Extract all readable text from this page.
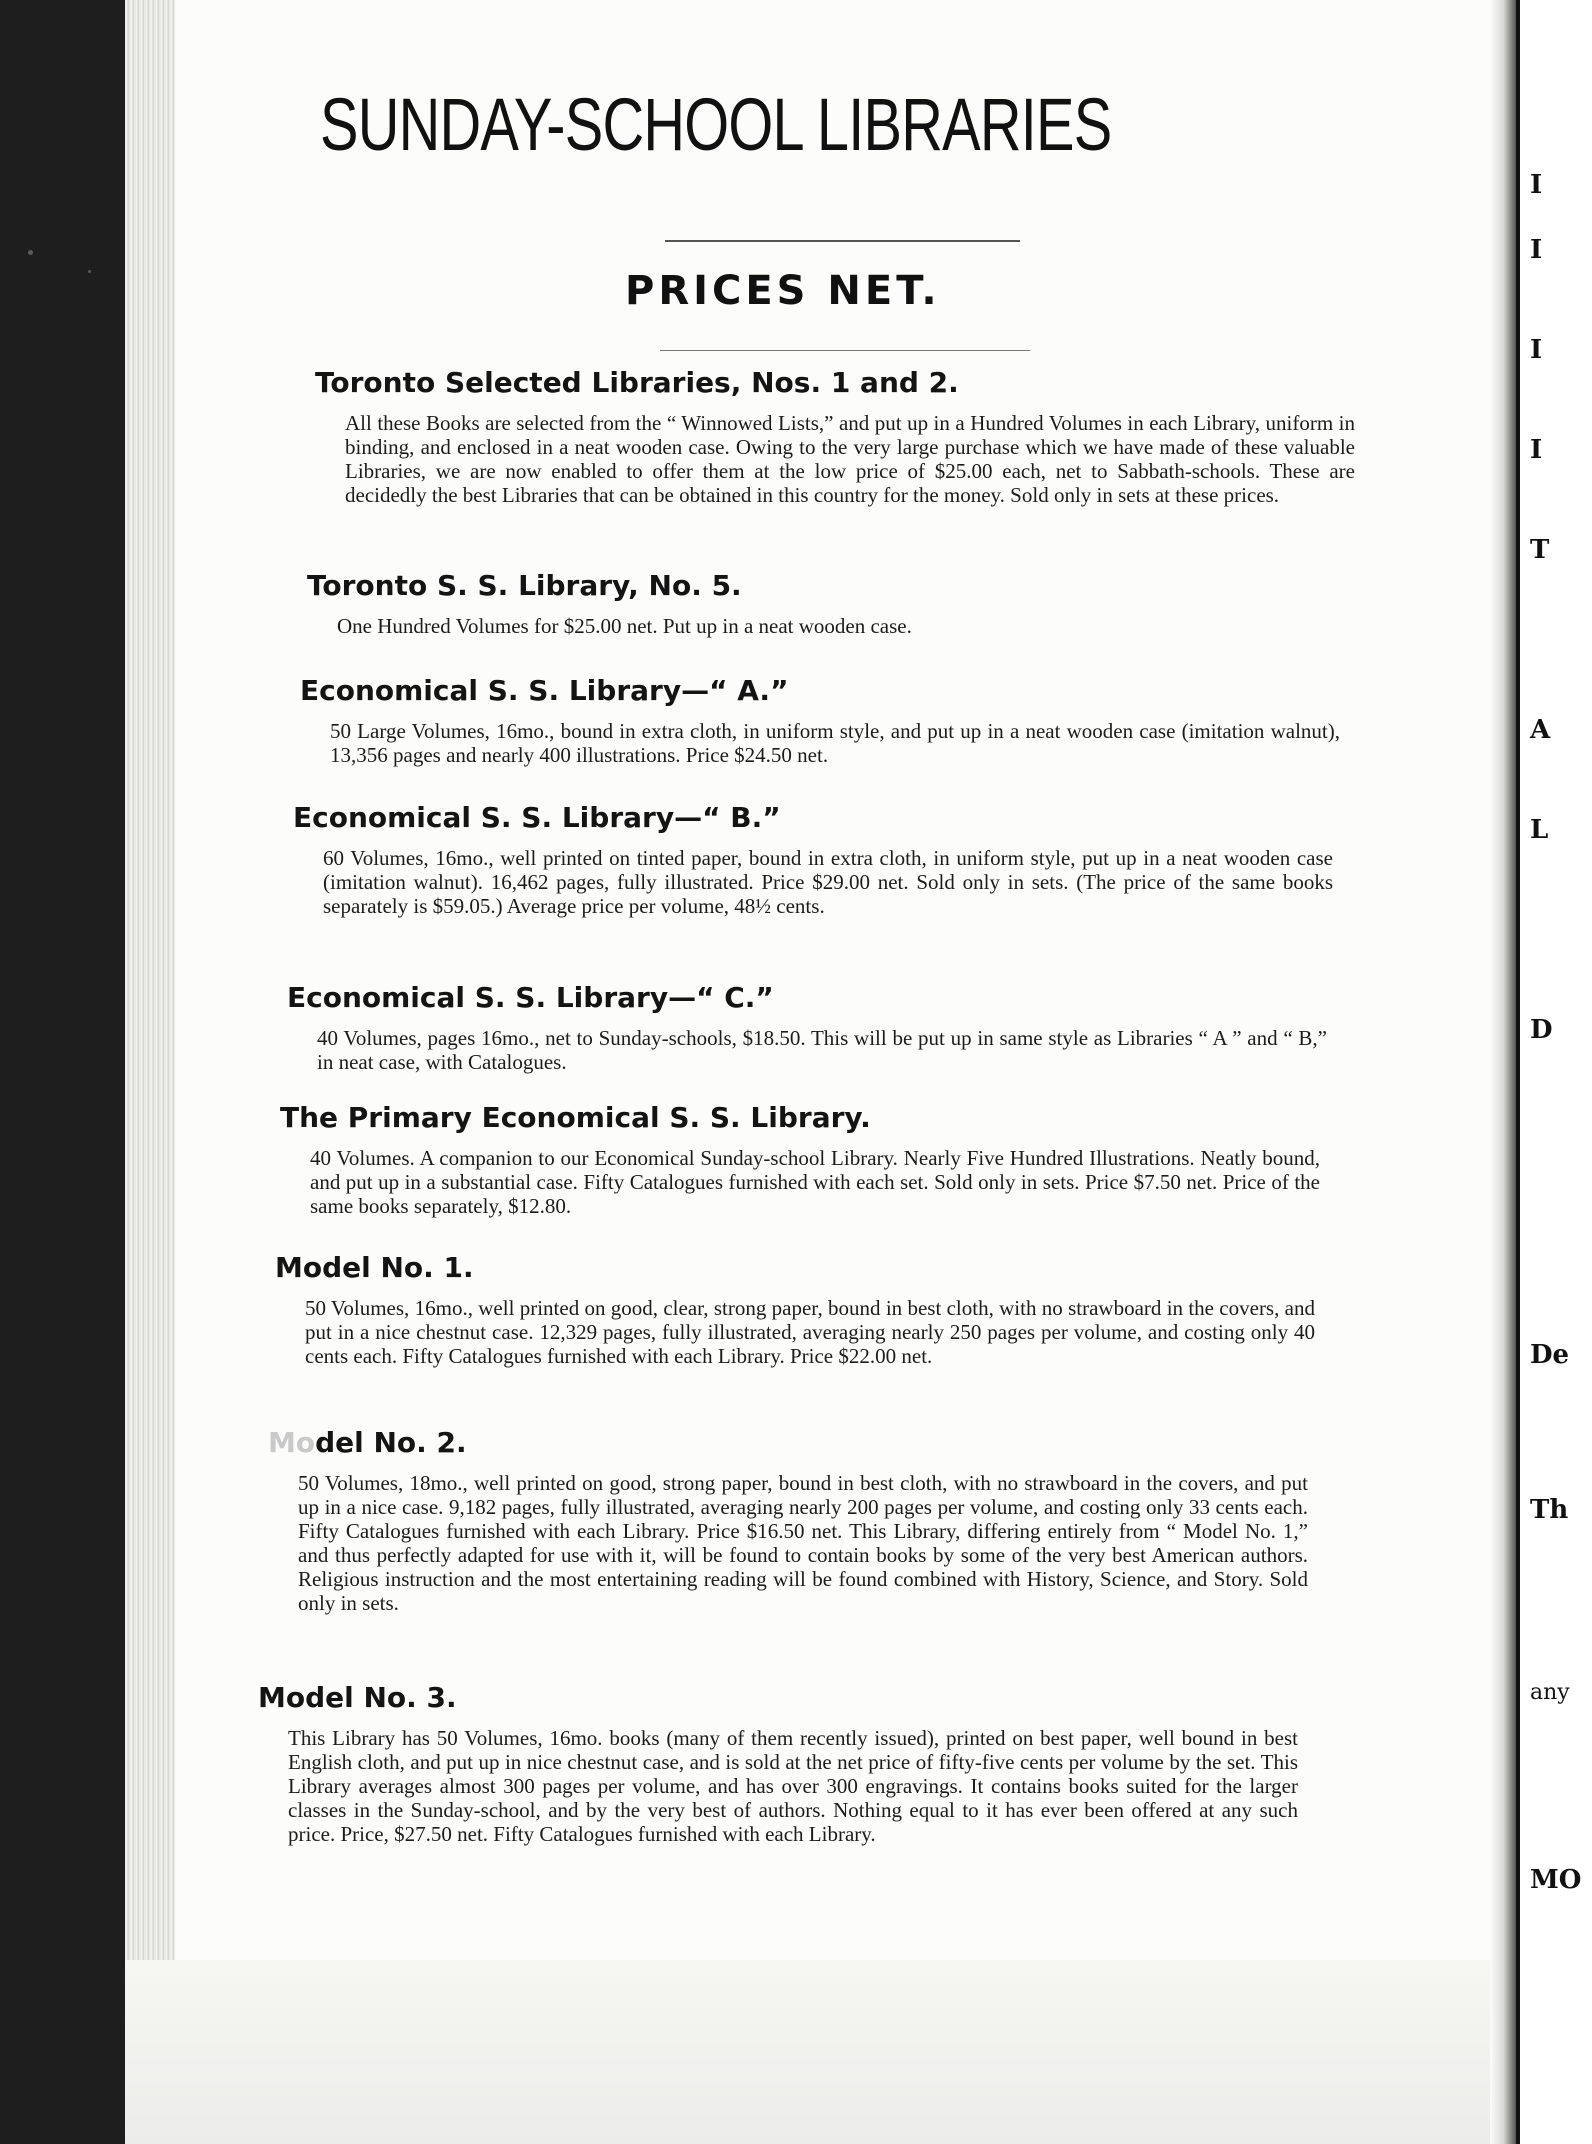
I
I
I
I
T
A
L
D
De
Th
any
MO
SUNDAY-SCHOOL LIBRARIES
PRICES NET.
Toronto Selected Libraries, Nos. 1 and 2.

All these Books are selected from the “ Winnowed Lists,” and put up in a Hundred Volumes in each Library, uniform in binding, and enclosed in a neat wooden case. Owing to the very large purchase which we have made of these valuable Libraries, we are now enabled to offer them at the low price of $25.00 each, net to Sabbath-schools. These are decidedly the best Libraries that can be obtained in this country for the money. Sold only in sets at these prices.

Toronto S. S. Library, No. 5.

One Hundred Volumes for $25.00 net. Put up in a neat wooden case.

Economical S. S. Library—“ A.”

50 Large Volumes, 16mo., bound in extra cloth, in uniform style, and put up in a neat wooden case (imitation walnut), 13,356 pages and nearly 400 illustrations. Price $24.50 net.

Economical S. S. Library—“ B.”

60 Volumes, 16mo., well printed on tinted paper, bound in extra cloth, in uniform style, put up in a neat wooden case (imitation walnut). 16,462 pages, fully illustrated. Price $29.00 net. Sold only in sets. (The price of the same books separately is $59.05.) Average price per volume, 48½ cents.

Economical S. S. Library—“ C.”

40 Volumes, pages 16mo., net to Sunday-schools, $18.50. This will be put up in same style as Libraries “ A ” and “ B,” in neat case, with Catalogues.

The Primary Economical S. S. Library.

40 Volumes. A companion to our Economical Sunday-school Library. Nearly Five Hundred Illustrations. Neatly bound, and put up in a substantial case. Fifty Catalogues furnished with each set. Sold only in sets. Price $7.50 net. Price of the same books separately, $12.80.

Model No. 1.

50 Volumes, 16mo., well printed on good, clear, strong paper, bound in best cloth, with no strawboard in the covers, and put in a nice chestnut case. 12,329 pages, fully illustrated, averaging nearly 250 pages per volume, and costing only 40 cents each. Fifty Catalogues furnished with each Library. Price $22.00 net.

Model No. 2.

50 Volumes, 18mo., well printed on good, strong paper, bound in best cloth, with no strawboard in the covers, and put up in a nice case. 9,182 pages, fully illustrated, averaging nearly 200 pages per volume, and costing only 33 cents each. Fifty Catalogues furnished with each Library. Price $16.50 net. This Library, differing entirely from “ Model No. 1,” and thus perfectly adapted for use with it, will be found to contain books by some of the very best American authors. Religious instruction and the most entertaining reading will be found combined with History, Science, and Story. Sold only in sets.

Model No. 3.

This Library has 50 Volumes, 16mo. books (many of them recently issued), printed on best paper, well bound in best English cloth, and put up in nice chestnut case, and is sold at the net price of fifty-five cents per volume by the set. This Library averages almost 300 pages per volume, and has over 300 engravings. It contains books suited for the larger classes in the Sunday-school, and by the very best of authors. Nothing equal to it has ever been offered at any such price. Price, $27.50 net. Fifty Catalogues furnished with each Library.
